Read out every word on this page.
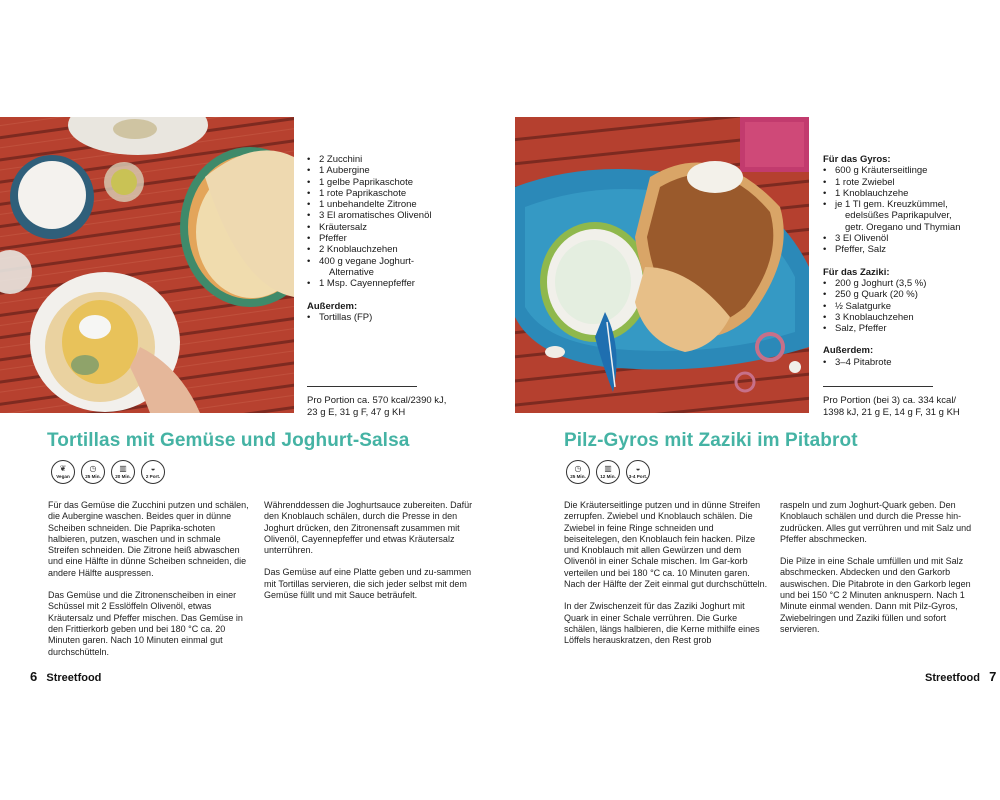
• 2 Zucchini
• 1 Aubergine
• 1 gelbe Paprikaschote
• 1 rote Paprikaschote
• 1 unbehandelte Zitrone
• 3 El aromatisches Olivenöl
• Kräutersalz
• Pfeffer
• 2 Knoblauchzehen
• 400 g vegane Joghurt-
Alternative
• 1 Msp. Cayennepfeffer
Außerdem:
• Tortillas (FP)
Pro Portion ca. 570 kcal/2390 kJ,
23 g E, 31 g F, 47 g KH
Tortillas mit Gemüse und Joghurt-Salsa
❦
Vegan
◷
25 Min.
▥
20 Min.
◒
2 Port.

Für das Gemüse die Zucchini putzen und schälen, die Aubergine waschen. Beides quer in dünne Scheiben schneiden. Die Paprika-schoten halbieren, putzen, waschen und in schmale Streifen schneiden. Die Zitrone heiß abwaschen und eine Hälfte in dünne Scheiben schneiden, die andere Hälfte auspressen.

Das Gemüse und die Zitronenscheiben in einer Schüssel mit 2 Esslöffeln Olivenöl, etwas Kräutersalz und Pfeffer mischen. Das Gemüse in den Frittierkorb geben und bei 180 °C ca. 20 Minuten garen. Nach 10 Minuten einmal gut durchschütteln.

Währenddessen die Joghurtsauce zubereiten. Dafür den Knoblauch schälen, durch die Presse in den Joghurt drücken, den Zitronensaft zusammen mit Olivenöl, Cayennepfeffer und etwas Kräutersalz unterrühren.

Das Gemüse auf eine Platte geben und zu-sammen mit Tortillas servieren, die sich jeder selbst mit dem Gemüse füllt und mit Sauce beträufelt.

6 Streetfood
Für das Gyros:
• 600 g Kräuterseitlinge
• 1 rote Zwiebel
• 1 Knoblauchzehe
• je 1 Tl gem. Kreuzkümmel,
edelsüßes Paprikapulver,
getr. Oregano und Thymian
• 3 El Olivenöl
• Pfeffer, Salz
Für das Zaziki:
• 200 g Joghurt (3,5 %)
• 250 g Quark (20 %)
• ½ Salatgurke
• 3 Knoblauchzehen
• Salz, Pfeffer
Außerdem:
• 3–4 Pitabrote
Pro Portion (bei 3) ca. 334 kcal/
1398 kJ, 21 g E, 14 g F, 31 g KH
Pilz-Gyros mit Zaziki im Pitabrot
◷
25 Min.
▥
12 Min.
◒
3-4 Port.

Die Kräuterseitlinge putzen und in dünne Streifen zerrupfen. Zwiebel und Knoblauch schälen. Die Zwiebel in feine Ringe schneiden und beiseitelegen, den Knoblauch fein hacken. Pilze und Knoblauch mit allen Gewürzen und dem Olivenöl in einer Schale mischen. Im Gar-korb verteilen und bei 180 °C ca. 10 Minuten garen. Nach der Hälfte der Zeit einmal gut durchschütteln.

In der Zwischenzeit für das Zaziki Joghurt mit Quark in einer Schale verrühren. Die Gurke schälen, längs halbieren, die Kerne mithilfe eines Löffels herauskratzen, den Rest grob

raspeln und zum Joghurt-Quark geben. Den Knoblauch schälen und durch die Presse hin-zudrücken. Alles gut verrühren und mit Salz und Pfeffer abschmecken.

Die Pilze in eine Schale umfüllen und mit Salz abschmecken. Abdecken und den Garkorb auswischen. Die Pitabrote in den Garkorb legen und bei 150 °C 2 Minuten anknuspern. Nach 1 Minute einmal wenden. Dann mit Pilz-Gyros, Zwiebelringen und Zaziki füllen und sofort servieren.

Streetfood 7
